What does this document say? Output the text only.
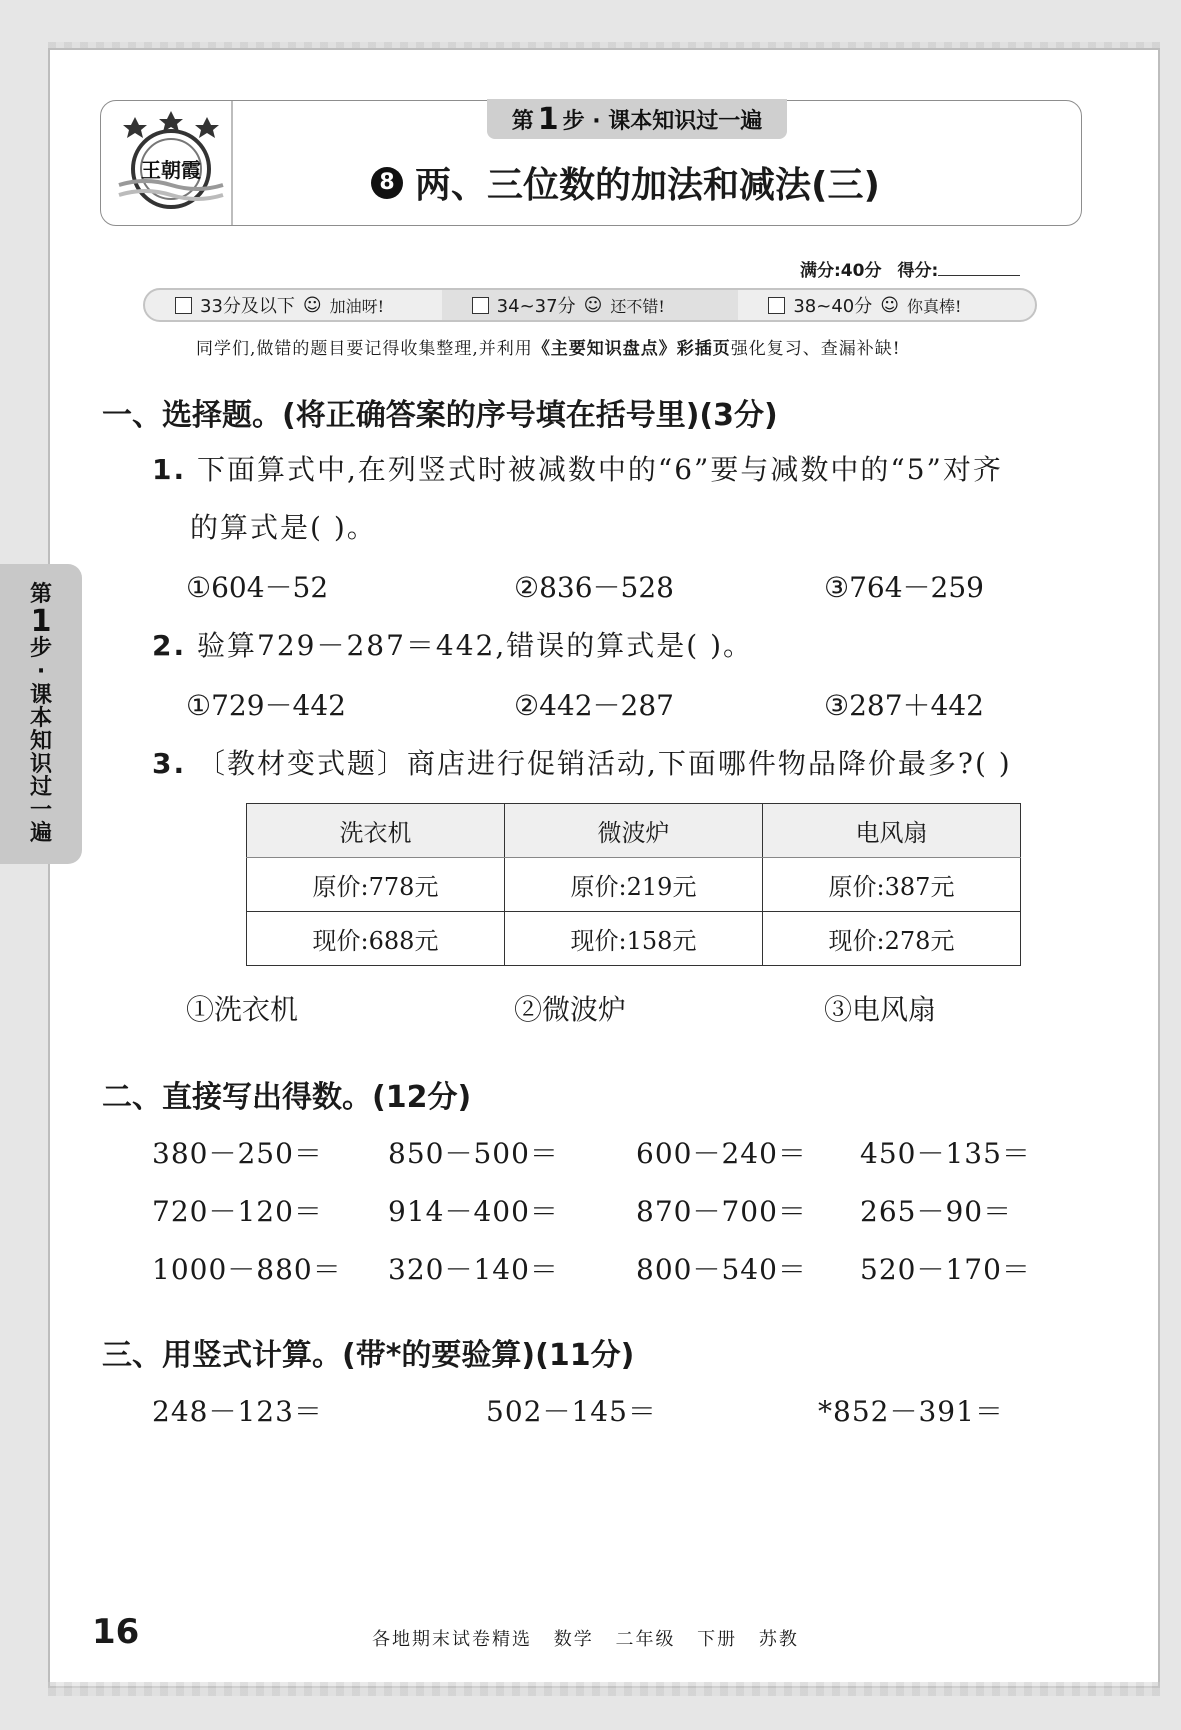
王朝霞
第 1 步 · 课本知识过一遍
8 两、三位数的加法和减法(三)
满分:40分 得分:
33分及以下 ☺ 加油呀!	34~37分 ☺ 还不错!	38~40分 ☺ 你真棒!
同学们,做错的题目要记得收集整理,并利用《主要知识盘点》彩插页强化复习、查漏补缺!
第
1
步
·
课
本
知
识
过
一
遍
一、选择题。(将正确答案的序号填在括号里)(3分)
1. 下面算式中,在列竖式时被减数中的“6”要与减数中的“5”对齐
的算式是( )。
①604－52	②836－528	③764－259
2. 验算729－287＝442,错误的算式是( )。
①729－442	②442－287	③287＋442
3. 〔教材变式题〕商店进行促销活动,下面哪件物品降价最多?( )
洗衣机	微波炉	电风扇
原价:778元	原价:219元	原价:387元
现价:688元	现价:158元	现价:278元
①洗衣机	②微波炉	③电风扇
二、直接写出得数。(12分)
380－250＝ 850－500＝	600－240＝ 450－135＝
720－120＝ 914－400＝	870－700＝ 265－90＝
1000－880＝ 320－140＝	800－540＝ 520－170＝
三、用竖式计算。(带*的要验算)(11分)
248－123＝	502－145＝	*852－391＝
16	各地期末试卷精选 数学 二年级 下册 苏教
